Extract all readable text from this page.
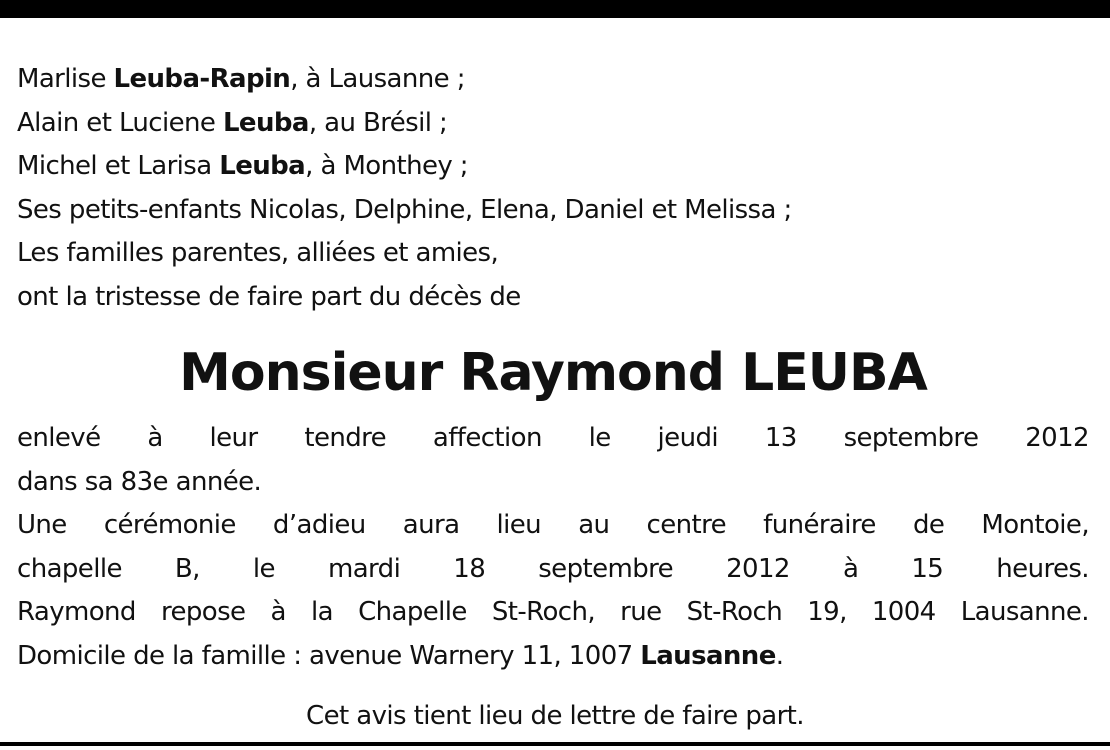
Marlise Leuba-Rapin, à Lausanne ;
Alain et Luciene Leuba, au Brésil ;
Michel et Larisa Leuba, à Monthey ;
Ses petits-enfants Nicolas, Delphine, Elena, Daniel et Melissa ;
Les familles parentes, alliées et amies,
ont la tristesse de faire part du décès de
Monsieur Raymond LEUBA
enlevé à leur tendre affection le jeudi 13 septembre 2012
dans sa 83e année.
Une cérémonie d’adieu aura lieu au centre funéraire de Montoie,
chapelle B, le mardi 18 septembre 2012 à 15 heures.
Raymond repose à la Chapelle St-Roch, rue St-Roch 19, 1004 Lausanne.
Domicile de la famille : avenue Warnery 11, 1007 Lausanne.
Cet avis tient lieu de lettre de faire part.
